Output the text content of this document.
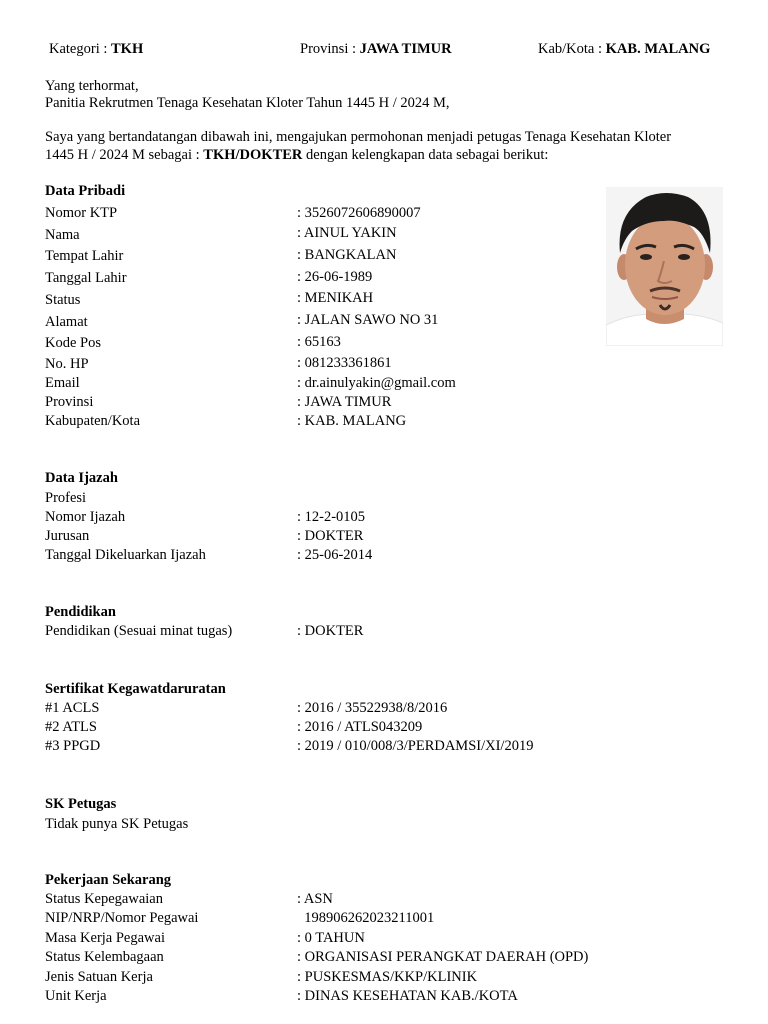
Kategori : TKH	Provinsi : JAWA TIMUR	Kab/Kota : KAB. MALANG
Yang terhormat,
Panitia Rekrutmen Tenaga Kesehatan Kloter Tahun 1445 H / 2024 M,
Saya yang bertandatangan dibawah ini, mengajukan permohonan menjadi petugas Tenaga Kesehatan Kloter
1445 H / 2024 M sebagai : TKH/DOKTER dengan kelengkapan data sebagai berikut:
Data Pribadi
Nomor KTP	: 3526072606890007
Nama	: AINUL YAKIN
Tempat Lahir	: BANGKALAN
Tanggal Lahir	: 26-06-1989
Status	: MENIKAH
Alamat	: JALAN SAWO NO 31
Kode Pos	: 65163
No. HP	: 081233361861
Email	: dr.ainulyakin@gmail.com
Provinsi	: JAWA TIMUR
Kabupaten/Kota	: KAB. MALANG
Data Ijazah
Profesi
Nomor Ijazah	: 12-2-0105
Jurusan	: DOKTER
Tanggal Dikeluarkan Ijazah	: 25-06-2014
Pendidikan
Pendidikan (Sesuai minat tugas)	: DOKTER
Sertifikat Kegawatdaruratan
#1 ACLS	: 2016 / 35522938/8/2016
#2 ATLS	: 2016 / ATLS043209
#3 PPGD	: 2019 / 010/008/3/PERDAMSI/XI/2019
SK Petugas
Tidak punya SK Petugas
Pekerjaan Sekarang
Status Kepegawaian	: ASN
NIP/NRP/Nomor Pegawai	198906262023211001
Masa Kerja Pegawai	: 0 TAHUN
Status Kelembagaan	: ORGANISASI PERANGKAT DAERAH (OPD)
Jenis Satuan Kerja	: PUSKESMAS/KKP/KLINIK
Unit Kerja	: DINAS KESEHATAN KAB./KOTA
